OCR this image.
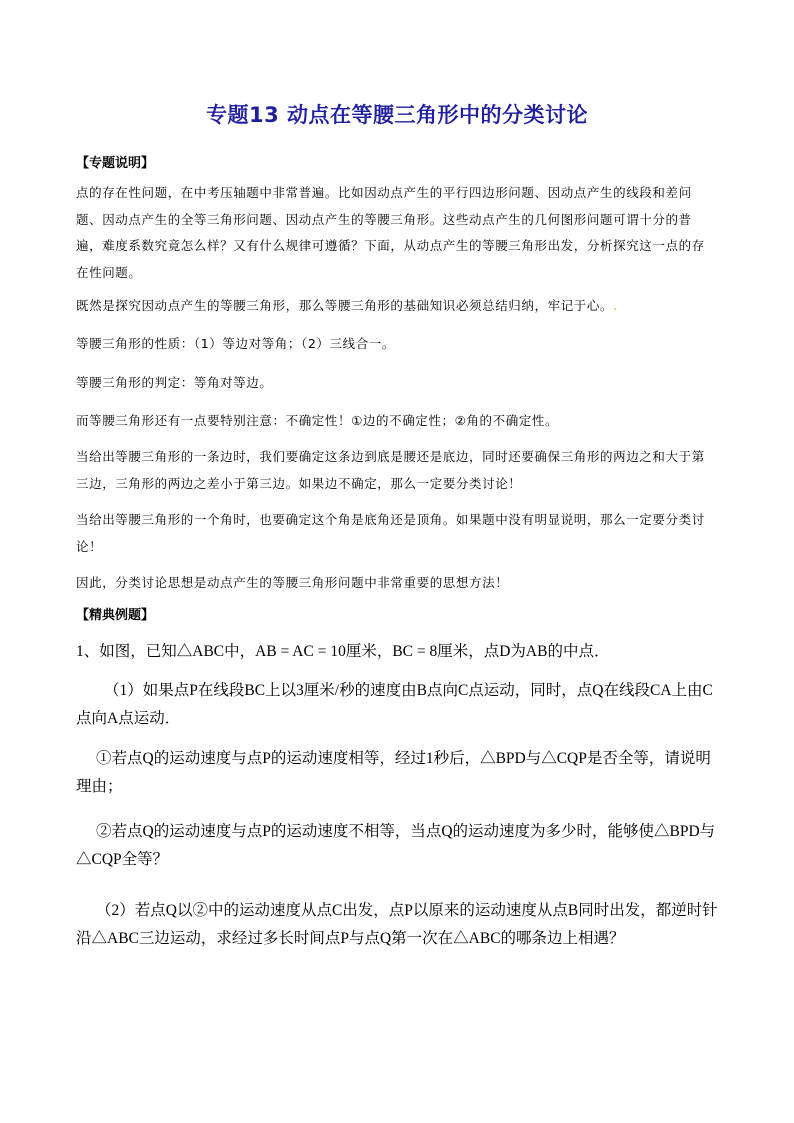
专题13 动点在等腰三角形中的分类讨论
【专题说明】
点的存在性问题，在中考压轴题中非常普遍。比如因动点产生的平行四边形问题、因动点产生的线段和差问题、因动点产生的全等三角形问题、因动点产生的等腰三角形。这些动点产生的几何图形问题可谓十分的普遍，难度系数究竟怎么样？又有什么规律可遵循？下面，从动点产生的等腰三角形出发，分析探究这一点的存在性问题。
既然是探究因动点产生的等腰三角形，那么等腰三角形的基础知识必须总结归纳，牢记于心。.
等腰三角形的性质：（1）等边对等角；（2）三线合一。
等腰三角形的判定：等角对等边。
而等腰三角形还有一点要特别注意：不确定性！①边的不确定性；②角的不确定性。
当给出等腰三角形的一条边时，我们要确定这条边到底是腰还是底边，同时还要确保三角形的两边之和大于第三边，三角形的两边之差小于第三边。如果边不确定，那么一定要分类讨论！
当给出等腰三角形的一个角时，也要确定这个角是底角还是顶角。如果题中没有明显说明，那么一定要分类讨论！
因此，分类讨论思想是动点产生的等腰三角形问题中非常重要的思想方法！
【精典例题】
1、如图，已知△ABC中，AB = AC = 10厘米，BC = 8厘米，点D为AB的中点．
（1）如果点P在线段BC上以3厘米/秒的速度由B点向C点运动，同时，点Q在线段CA上由C点向A点运动．
①若点Q的运动速度与点P的运动速度相等，经过1秒后，△BPD与△CQP是否全等，请说明理由；
②若点Q的运动速度与点P的运动速度不相等，当点Q的运动速度为多少时，能够使△BPD与△CQP全等？
（2）若点Q以②中的运动速度从点C出发，点P以原来的运动速度从点B同时出发，都逆时针沿△ABC三边运动，求经过多长时间点P与点Q第一次在△ABC的哪条边上相遇？
